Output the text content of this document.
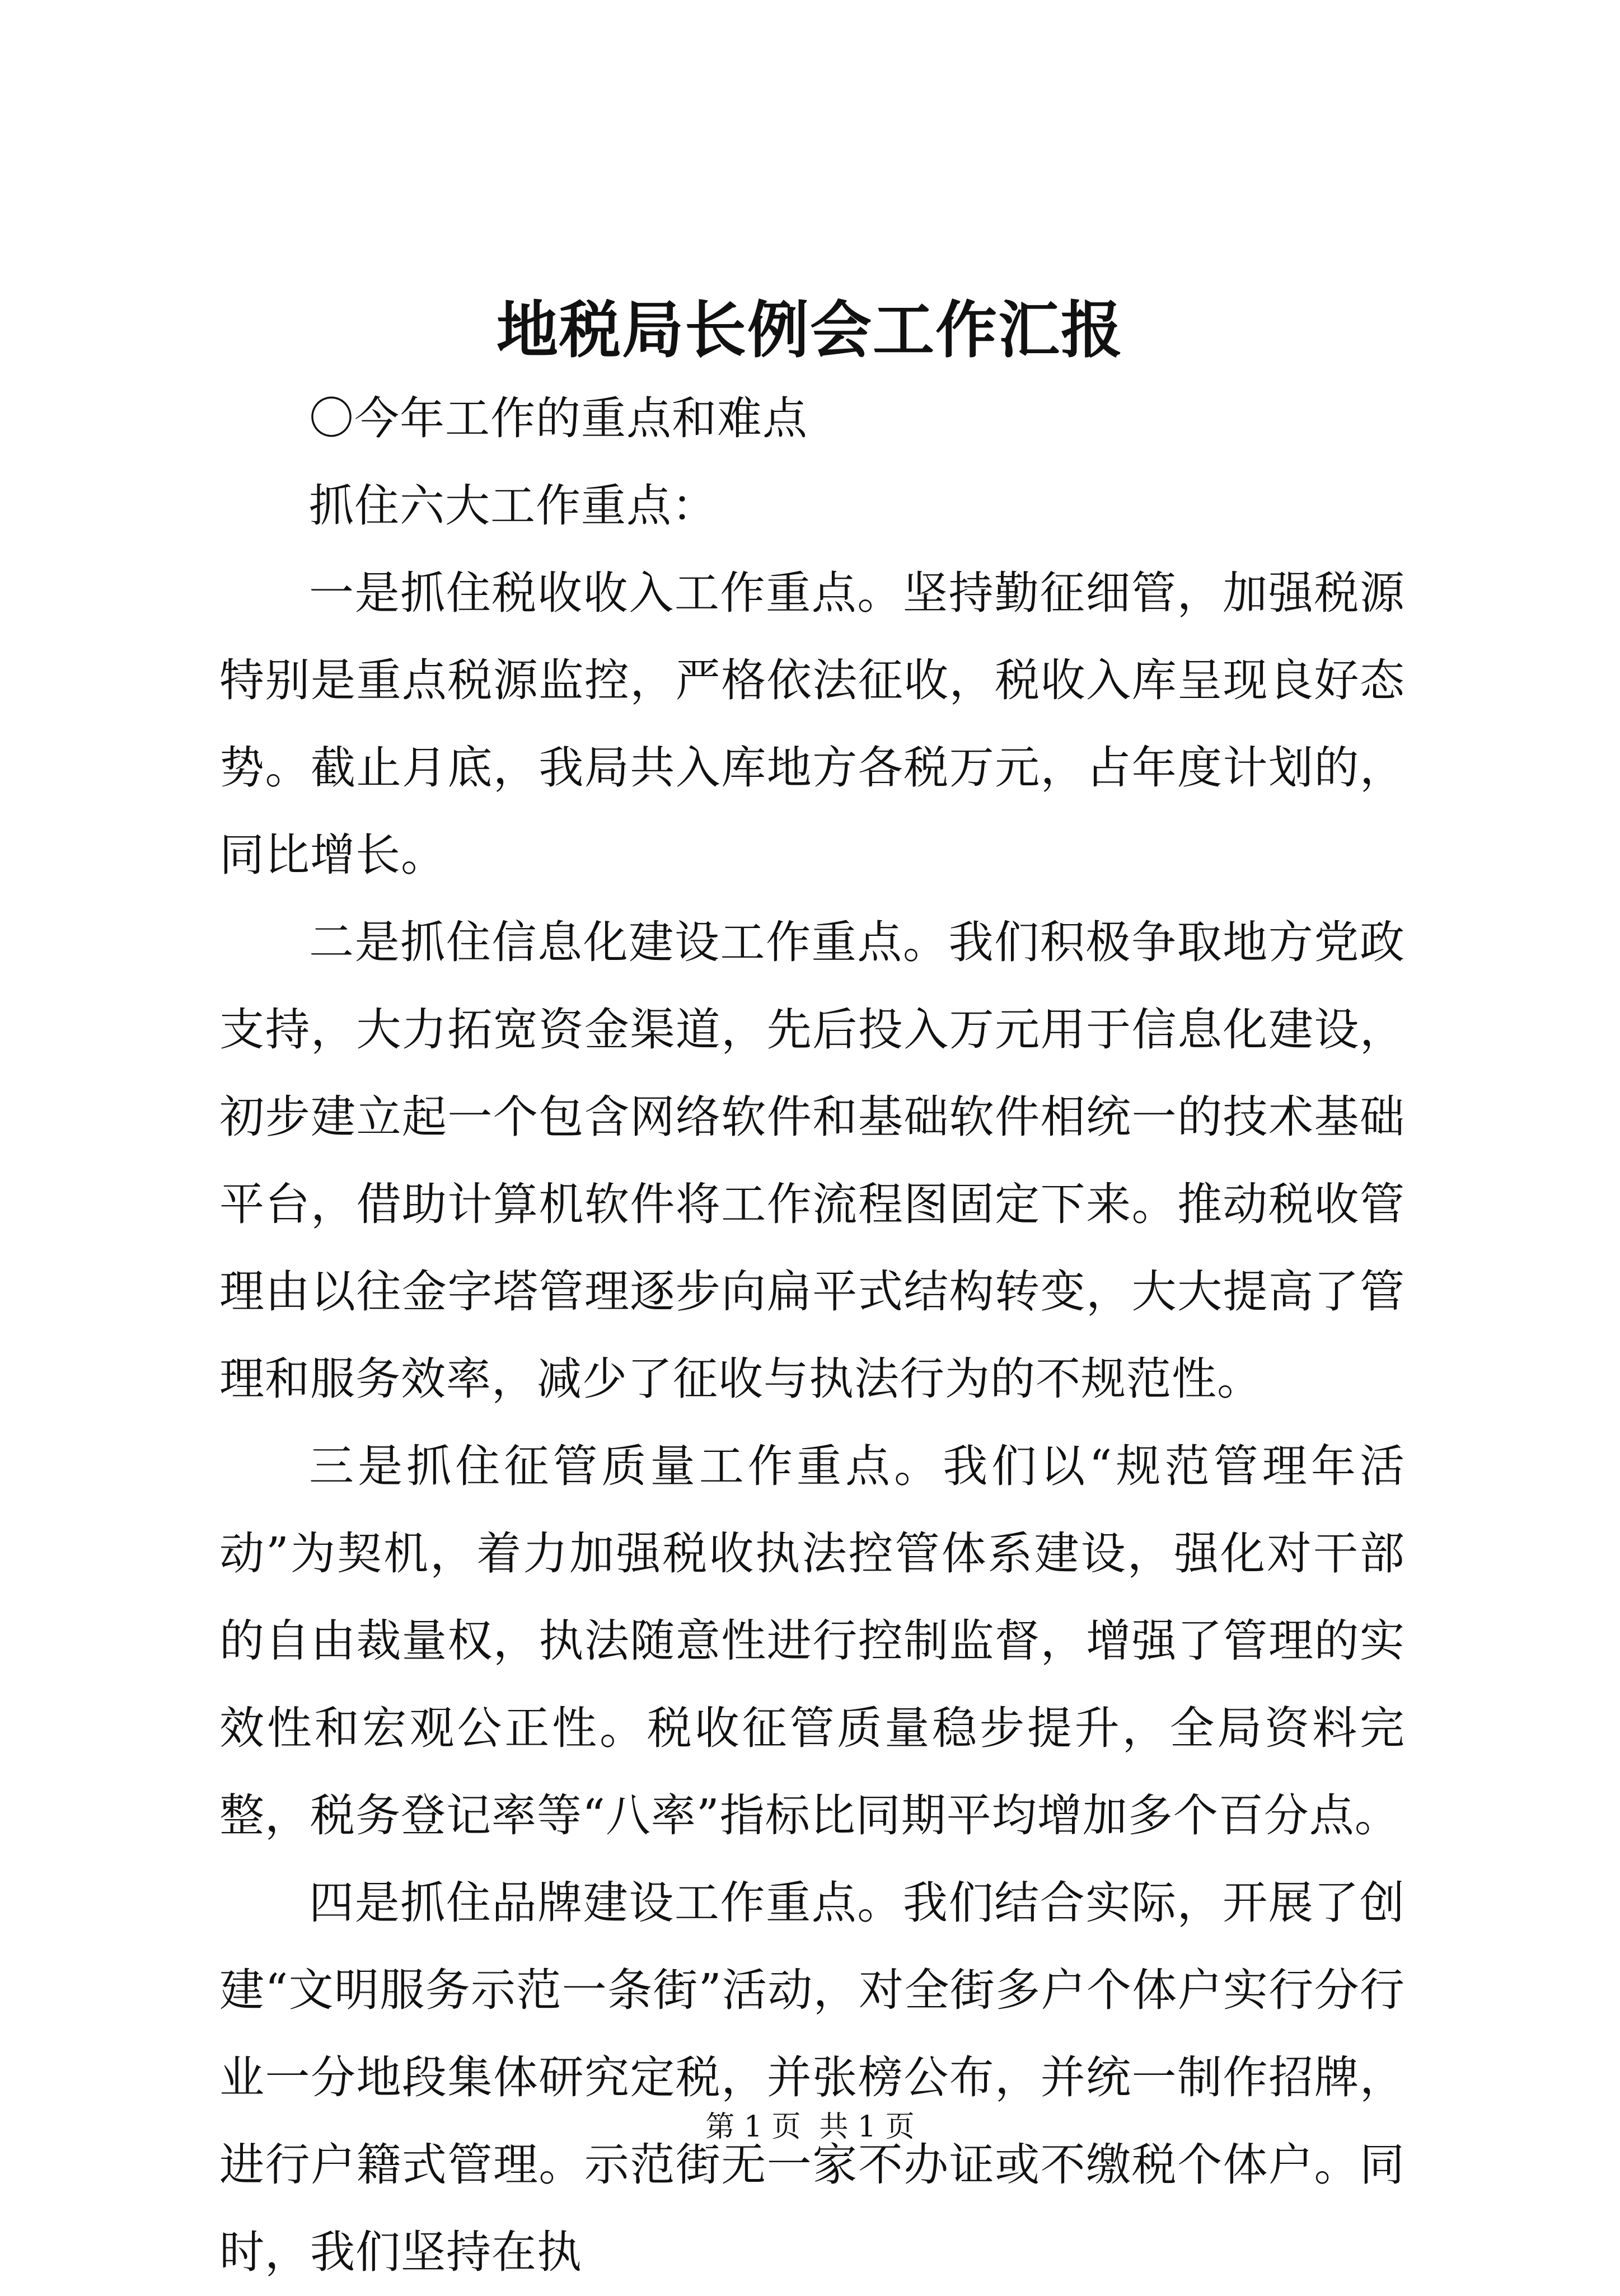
地税局长例会工作汇报

〇今年工作的重点和难点

抓住六大工作重点：

一是抓住税收收入工作重点。坚持勤征细管，加强税源特别是重点税源监控，严格依法征收，税收入库呈现良好态势。截止月底，我局共入库地方各税万元，占年度计划的，同比增长。

二是抓住信息化建设工作重点。我们积极争取地方党政支持，大力拓宽资金渠道，先后投入万元用于信息化建设，初步建立起一个包含网络软件和基础软件相统一的技术基础平台，借助计算机软件将工作流程图固定下来。推动税收管理由以往金字塔管理逐步向扁平式结构转变，大大提高了管理和服务效率，减少了征收与执法行为的不规范性。

三是抓住征管质量工作重点。我们以“规范管理年活动”为契机，着力加强税收执法控管体系建设，强化对干部的自由裁量权，执法随意性进行控制监督，增强了管理的实效性和宏观公正性。税收征管质量稳步提升，全局资料完整，税务登记率等“八率”指标比同期平均增加多个百分点。

四是抓住品牌建设工作重点。我们结合实际，开展了创建“文明服务示范一条街”活动，对全街多户个体户实行分行业一分地段集体研究定税，并张榜公布，并统一制作招牌，进行户籍式管理。示范街无一家不办证或不缴税个体户。同时，我们坚持在执

第 1 页  共 1 页
